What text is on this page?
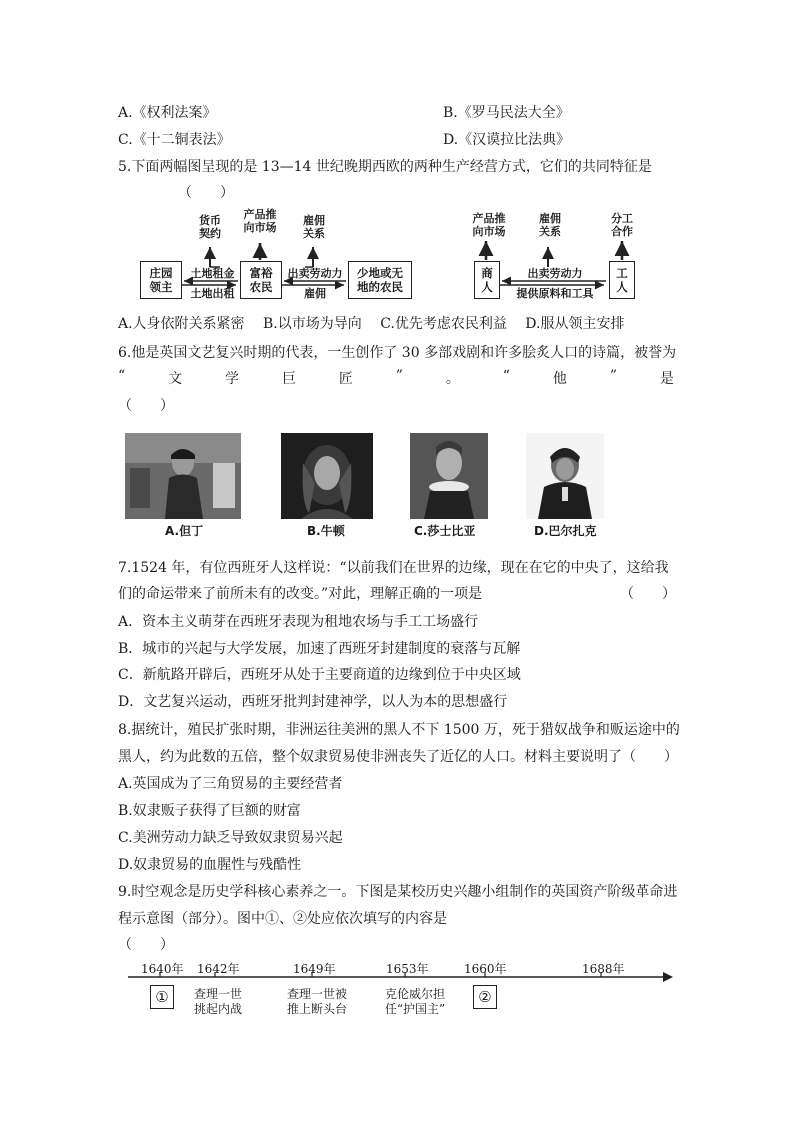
A.《权利法案》	B.《罗马民法大全》
C.《十二铜表法》	D.《汉谟拉比法典》
5.下面两幅图呈现的是 13—14 世纪晚期西欧的两种生产经营方式，它们的共同特征是
（　　）
货币
契约
产品推
向市场
雇佣
关系
庄园
领主
富裕
农民
少地或无
地的农民
土地租金
土地出租
出卖劳动力
雇佣
产品推
向市场
雇佣
关系
分工
合作
商
人
工
人
出卖劳动力
提供原料和工具
A.人身依附关系紧密　 B.以市场为导向　 C.优先考虑农民利益　 D.服从领主安排
6.他是英国文艺复兴时期的代表，一生创作了 30 多部戏剧和许多脍炙人口的诗篇，被誉为
“	文	学	巨	匠	”	。	“	他	”	是
（　　）
A.但丁	B.牛顿	C.莎士比亚	D.巴尔扎克
7.1524 年，有位西班牙人这样说：“以前我们在世界的边缘，现在在它的中央了，这给我
们的命运带来了前所未有的改变。”对此，理解正确的一项是	（　　）
A．资本主义萌芽在西班牙表现为租地农场与手工工场盛行
B．城市的兴起与大学发展，加速了西班牙封建制度的衰落与瓦解
C．新航路开辟后，西班牙从处于主要商道的边缘到位于中央区域
D．文艺复兴运动，西班牙批判封建神学，以人为本的思想盛行
8.据统计，殖民扩张时期，非洲运往美洲的黑人不下 1500 万，死于猎奴战争和贩运途中的
黑人，约为此数的五倍，整个奴隶贸易使非洲丧失了近亿的人口。材料主要说明了（　　）
A.英国成为了三角贸易的主要经营者
B.奴隶贩子获得了巨额的财富
C.美洲劳动力缺乏导致奴隶贸易兴起
D.奴隶贸易的血腥性与残酷性
9.时空观念是历史学科核心素养之一。下图是某校历史兴趣小组制作的英国资产阶级革命进
程示意图（部分）。图中①、②处应依次填写的内容是
（　　）
1640年 1642年	1649年	1653年	1660年	1688年
①	查理一世
挑起内战
查理一世被
推上断头台
克伦威尔担
任“护国主”
②
